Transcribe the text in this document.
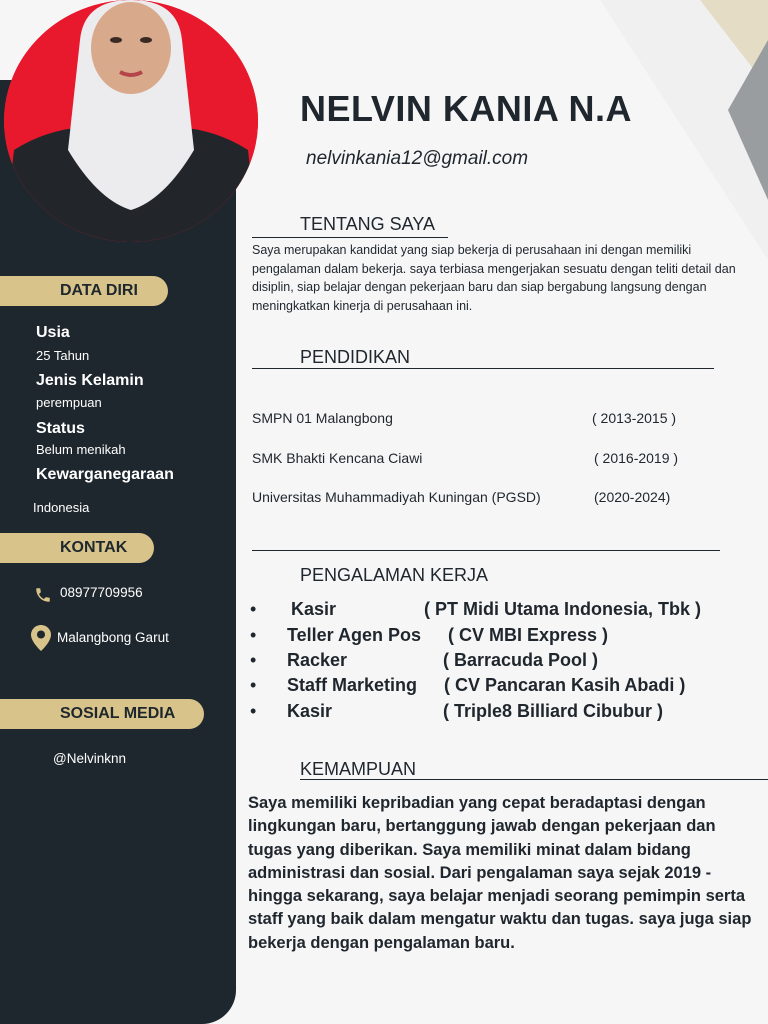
DATA DIRI
Usia
25 Tahun
Jenis Kelamin
perempuan
Status
Belum menikah
Kewarganegaraan
Indonesia
KONTAK
08977709956
Malangbong Garut
SOSIAL MEDIA
@Nelvinknn
NELVIN KANIA N.A
nelvinkania12@gmail.com
TENTANG SAYA
Saya merupakan kandidat yang siap bekerja di perusahaan ini dengan memiliki pengalaman dalam bekerja. saya terbiasa mengerjakan sesuatu dengan teliti detail dan disiplin, siap belajar dengan pekerjaan baru dan siap bergabung langsung dengan meningkatkan kinerja di perusahaan ini.
PENDIDIKAN
SMPN 01 Malangbong	( 2013-2015 )
SMK Bhakti Kencana Ciawi	( 2016-2019 )
Universitas Muhammadiyah Kuningan (PGSD)	(2020-2024)
PENGALAMAN KERJA
• Kasir	( PT Midi Utama Indonesia, Tbk )
• Teller Agen Pos ( CV MBI Express )
• Racker	( Barracuda Pool )
• Staff Marketing ( CV Pancaran Kasih Abadi )
• Kasir	( Triple8 Billiard Cibubur )
KEMAMPUAN
Saya memiliki kepribadian yang cepat beradaptasi dengan lingkungan baru, bertanggung jawab dengan pekerjaan dan tugas yang diberikan. Saya memiliki minat dalam bidang administrasi dan sosial. Dari pengalaman saya sejak 2019 - hingga sekarang, saya belajar menjadi seorang pemimpin serta staff yang baik dalam mengatur waktu dan tugas. saya juga siap bekerja dengan pengalaman baru.
